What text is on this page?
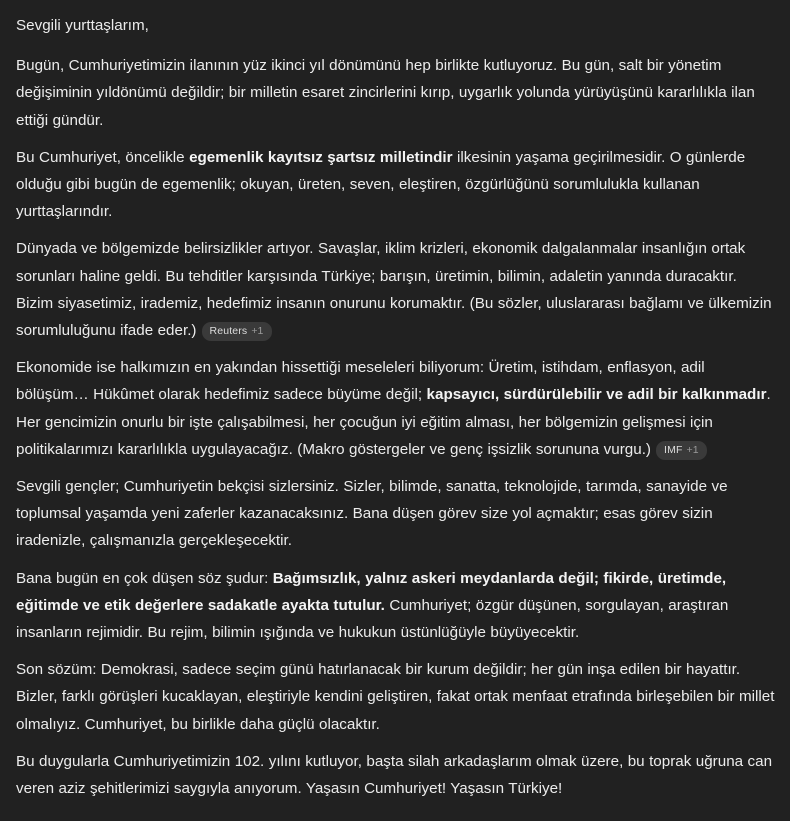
Sevgili yurttaşlarım,

Bugün, Cumhuriyetimizin ilanının yüz ikinci yıl dönümünü hep birlikte kutluyoruz. Bu gün, salt bir yönetim değişiminin yıldönümü değildir; bir milletin esaret zincirlerini kırıp, uygarlık yolunda yürüyüşünü kararlılıkla ilan ettiği gündür.

Bu Cumhuriyet, öncelikle egemenlik kayıtsız şartsız milletindir ilkesinin yaşama geçirilmesidir. O günlerde olduğu gibi bugün de egemenlik; okuyan, üreten, seven, eleştiren, özgürlüğünü sorumlulukla kullanan yurttaşlarındır.

Dünyada ve bölgemizde belirsizlikler artıyor. Savaşlar, iklim krizleri, ekonomik dalgalanmalar insanlığın ortak sorunları haline geldi. Bu tehditler karşısında Türkiye; barışın, üretimin, bilimin, adaletin yanında duracaktır. Bizim siyasetimiz, irademiz, hedefimiz insanın onurunu korumaktır. (Bu sözler, uluslararası bağlamı ve ülkemizin sorumluluğunu ifade eder.) Reuters +1

Ekonomide ise halkımızın en yakından hissettiği meseleleri biliyorum: Üretim, istihdam, enflasyon, adil bölüşüm… Hükûmet olarak hedefimiz sadece büyüme değil; kapsayıcı, sürdürülebilir ve adil bir kalkınmadır. Her gencimizin onurlu bir işte çalışabilmesi, her çocuğun iyi eğitim alması, her bölgemizin gelişmesi için politikalarımızı kararlılıkla uygulayacağız. (Makro göstergeler ve genç işsizlik sorununa vurgu.) IMF +1

Sevgili gençler; Cumhuriyetin bekçisi sizlersiniz. Sizler, bilimde, sanatta, teknolojide, tarımda, sanayide ve toplumsal yaşamda yeni zaferler kazanacaksınız. Bana düşen görev size yol açmaktır; esas görev sizin iradenizle, çalışmanızla gerçekleşecektir.

Bana bugün en çok düşen söz şudur: Bağımsızlık, yalnız askeri meydanlarda değil; fikirde, üretimde, eğitimde ve etik değerlere sadakatle ayakta tutulur. Cumhuriyet; özgür düşünen, sorgulayan, araştıran insanların rejimidir. Bu rejim, bilimin ışığında ve hukukun üstünlüğüyle büyüyecektir.

Son sözüm: Demokrasi, sadece seçim günü hatırlanacak bir kurum değildir; her gün inşa edilen bir hayattır. Bizler, farklı görüşleri kucaklayan, eleştiriyle kendini geliştiren, fakat ortak menfaat etrafında birleşebilen bir millet olmalıyız. Cumhuriyet, bu birlikle daha güçlü olacaktır.

Bu duygularla Cumhuriyetimizin 102. yılını kutluyor, başta silah arkadaşlarım olmak üzere, bu toprak uğruna can veren aziz şehitlerimizi saygıyla anıyorum. Yaşasın Cumhuriyet! Yaşasın Türkiye!
